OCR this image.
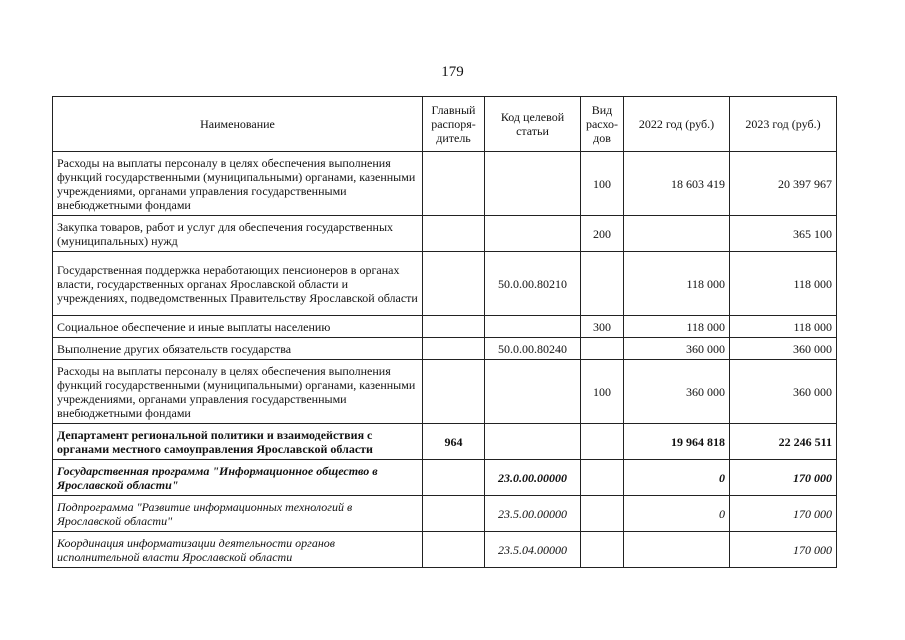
179
Наименование	Главный распоря-дитель	Код целевой статьи	Вид расхо-дов	2022 год (руб.)	2023 год (руб.)
Расходы на выплаты персоналу в целях обеспечения выполнения функций государственными (муниципальными) органами, казенными учреждениями, органами управления государственными внебюджетными фондами			100	18 603 419	20 397 967
Закупка товаров, работ и услуг для обеспечения государственных (муниципальных) нужд			200		365 100
Государственная поддержка неработающих пенсионеров в органах власти, государственных органах Ярославской области и учреждениях, подведомственных Правительству Ярославской области		50.0.00.80210		118 000	118 000
Социальное обеспечение и иные выплаты населению			300	118 000	118 000
Выполнение других обязательств государства		50.0.00.80240		360 000	360 000
Расходы на выплаты персоналу в целях обеспечения выполнения функций государственными (муниципальными) органами, казенными учреждениями, органами управления государственными внебюджетными фондами			100	360 000	360 000
Департамент региональной политики и взаимодействия с органами местного самоуправления Ярославской области	964			19 964 818	22 246 511
Государственная программа "Информационное общество в Ярославской области"		23.0.00.00000		0	170 000
Подпрограмма "Развитие информационных технологий в Ярославской области"		23.5.00.00000		0	170 000
Координация информатизации деятельности органов исполнительной власти Ярославской области		23.5.04.00000			170 000
